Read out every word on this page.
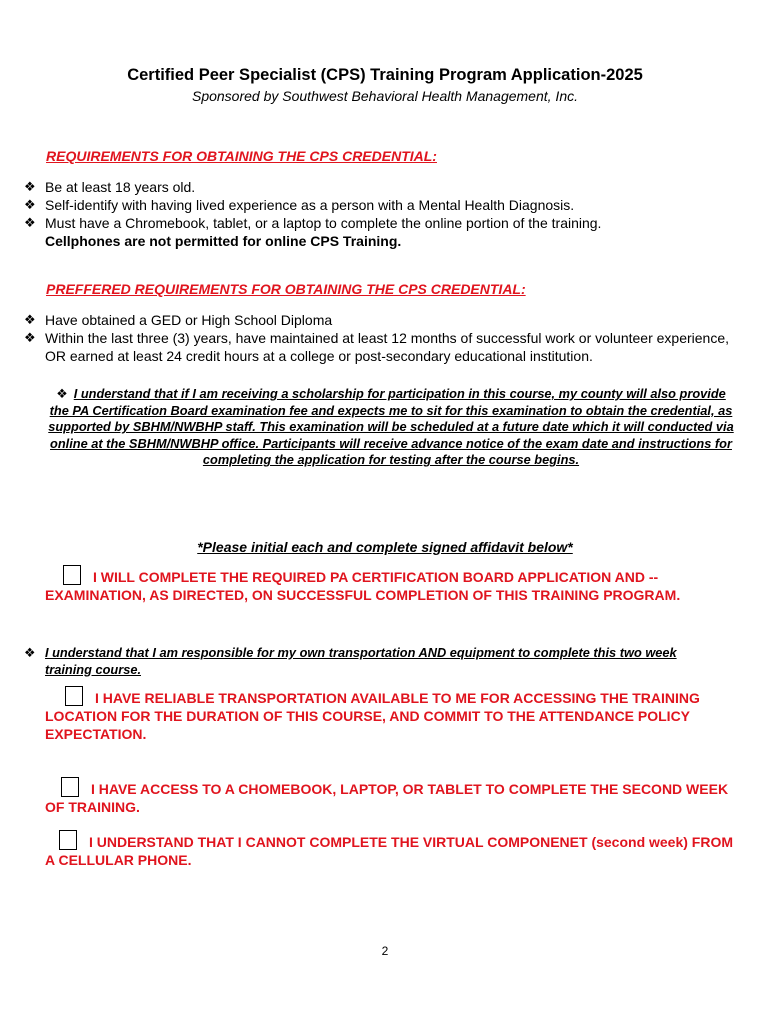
Certified Peer Specialist (CPS) Training Program Application-2025
Sponsored by Southwest Behavioral Health Management, Inc.
REQUIREMENTS FOR OBTAINING THE CPS CREDENTIAL:
❖ Be at least 18 years old.
❖ Self-identify with having lived experience as a person with a Mental Health Diagnosis.
❖ Must have a Chromebook, tablet, or a laptop to complete the online portion of the training. Cellphones are not permitted for online CPS Training.
PREFFERED REQUIREMENTS FOR OBTAINING THE CPS CREDENTIAL:
❖ Have obtained a GED or High School Diploma
❖ Within the last three (3) years, have maintained at least 12 months of successful work or volunteer experience, OR earned at least 24 credit hours at a college or post-secondary educational institution.
❖ I understand that if I am receiving a scholarship for participation in this course, my county will also provide the PA Certification Board examination fee and expects me to sit for this examination to obtain the credential, as supported by SBHM/NWBHP staff. This examination will be scheduled at a future date which it will conducted via online at the SBHM/NWBHP office. Participants will receive advance notice of the exam date and instructions for completing the application for testing after the course begins.
*Please initial each and complete signed affidavit below*
I WILL COMPLETE THE REQUIRED PA CERTIFICATION BOARD APPLICATION AND -- EXAMINATION, AS DIRECTED, ON SUCCESSFUL COMPLETION OF THIS TRAINING PROGRAM.
❖ I understand that I am responsible for my own transportation AND equipment to complete this two week training course.
I HAVE RELIABLE TRANSPORTATION AVAILABLE TO ME FOR ACCESSING THE TRAINING LOCATION FOR THE DURATION OF THIS COURSE, AND COMMIT TO THE ATTENDANCE POLICY EXPECTATION.
I HAVE ACCESS TO A CHOMEBOOK, LAPTOP, OR TABLET TO COMPLETE THE SECOND WEEK OF TRAINING.
I UNDERSTAND THAT I CANNOT COMPLETE THE VIRTUAL COMPONENET (second week) FROM A CELLULAR PHONE.
2
